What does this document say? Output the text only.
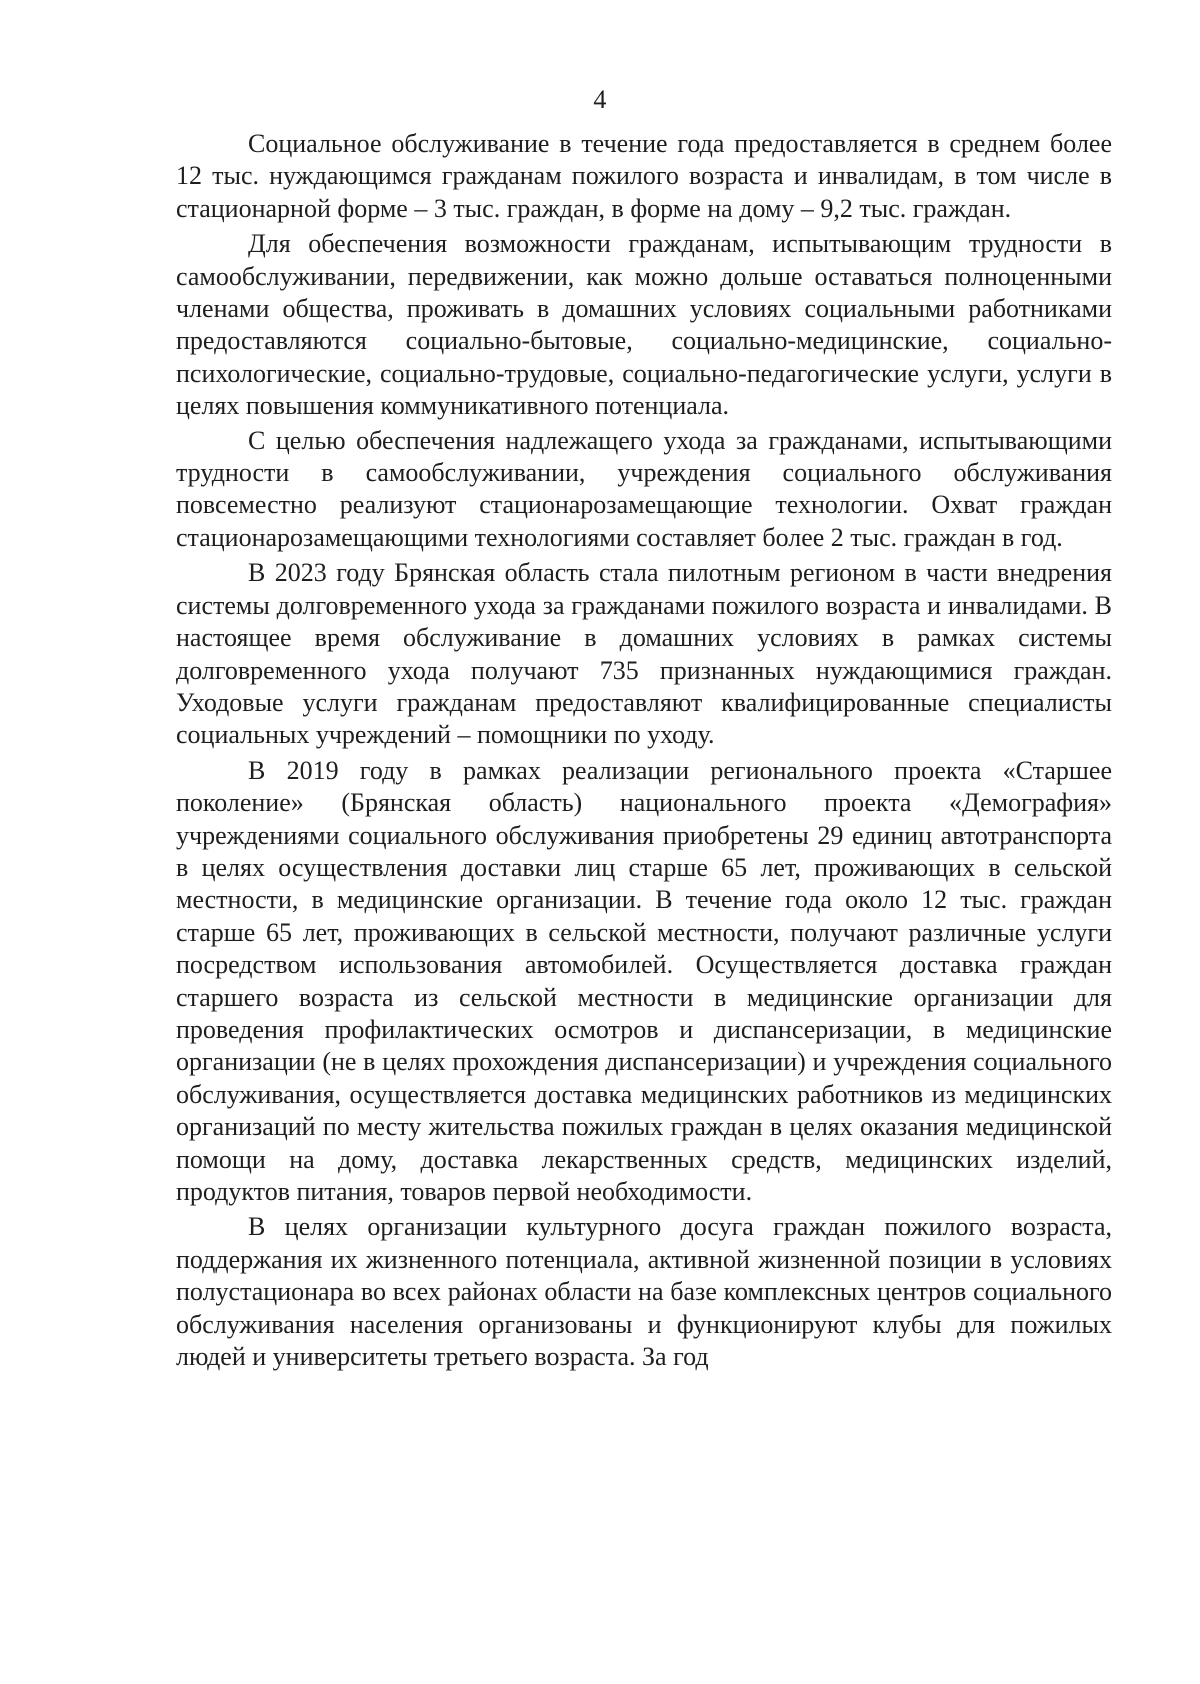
4

Социальное обслуживание в течение года предоставляется в среднем более 12 тыс. нуждающимся гражданам пожилого возраста и инвалидам, в том числе в стационарной форме – 3 тыс. граждан, в форме на дому – 9,2 тыс. граждан.

Для обеспечения возможности гражданам, испытывающим трудности в самообслуживании, передвижении, как можно дольше оставаться полноценными членами общества, проживать в домашних условиях социальными работниками предоставляются социально-бытовые, социально-медицинские, социально-психологические, социально-трудовые, социально-педагогические услуги, услуги в целях повышения коммуникативного потенциала.

С целью обеспечения надлежащего ухода за гражданами, испытывающими трудности в самообслуживании, учреждения социального обслуживания повсеместно реализуют стационарозамещающие технологии. Охват граждан стационарозамещающими технологиями составляет более 2 тыс. граждан в год.

В 2023 году Брянская область стала пилотным регионом в части внедрения системы долговременного ухода за гражданами пожилого возраста и инвалидами. В настоящее время обслуживание в домашних условиях в рамках системы долговременного ухода получают 735 признанных нуждающимися граждан. Уходовые услуги гражданам предоставляют квалифицированные специалисты социальных учреждений – помощники по уходу.

В 2019 году в рамках реализации регионального проекта «Старшее поколение» (Брянская область) национального проекта «Демография» учреждениями социального обслуживания приобретены 29 единиц автотранспорта в целях осуществления доставки лиц старше 65 лет, проживающих в сельской местности, в медицинские организации. В течение года около 12 тыс. граждан старше 65 лет, проживающих в сельской местности, получают различные услуги посредством использования автомобилей. Осуществляется доставка граждан старшего возраста из сельской местности в медицинские организации для проведения профилактических осмотров и диспансеризации, в медицинские организации (не в целях прохождения диспансеризации) и учреждения социального обслуживания, осуществляется доставка медицинских работников из медицинских организаций по месту жительства пожилых граждан в целях оказания медицинской помощи на дому, доставка лекарственных средств, медицинских изделий, продуктов питания, товаров первой необходимости.

В целях организации культурного досуга граждан пожилого возраста, поддержания их жизненного потенциала, активной жизненной позиции в условиях полустационара во всех районах области на базе комплексных центров социального обслуживания населения организованы и функционируют клубы для пожилых людей и университеты третьего возраста. За год
